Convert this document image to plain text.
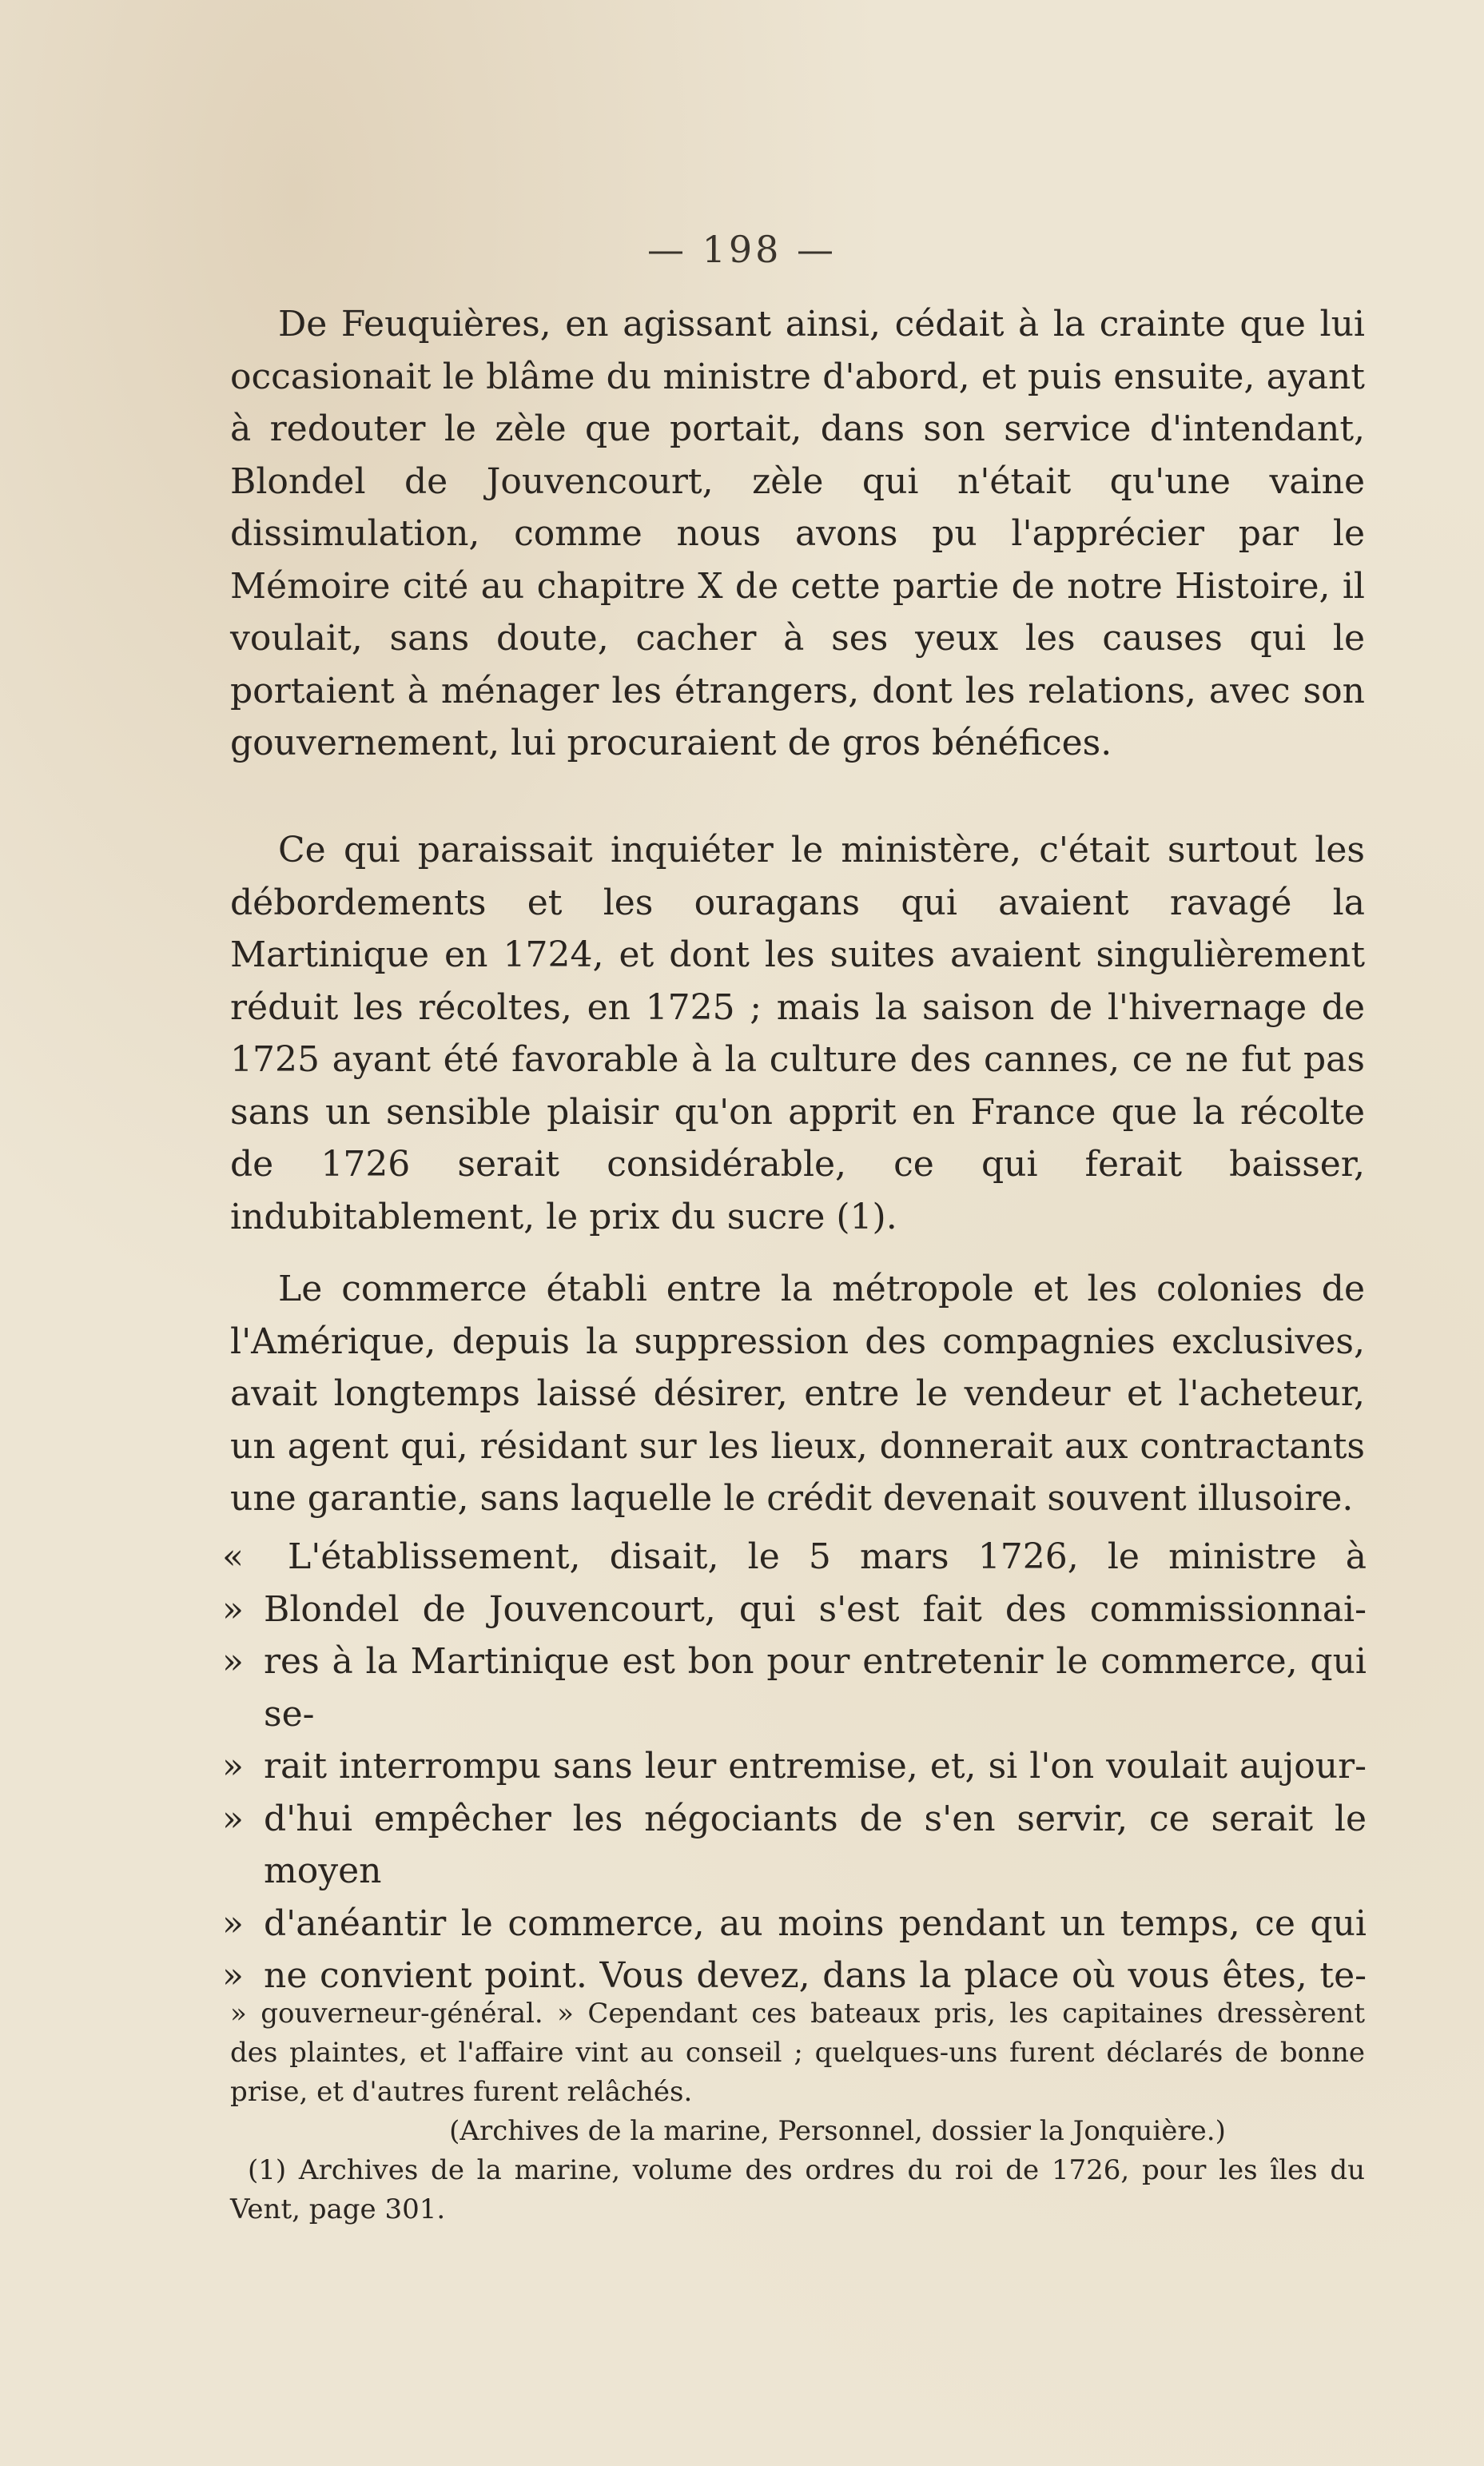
— 198 —

De Feuquières, en agissant ainsi, cédait à la crainte que lui occasionait le blâme du ministre d'abord, et puis ensuite, ayant à redouter le zèle que portait, dans son service d'intendant, Blondel de Jouvencourt, zèle qui n'était qu'une vaine dissimulation, comme nous avons pu l'apprécier par le Mémoire cité au chapitre X de cette partie de notre Histoire, il voulait, sans doute, cacher à ses yeux les causes qui le portaient à ménager les étrangers, dont les relations, avec son gouvernement, lui procuraient de gros bénéfices.

Ce qui paraissait inquiéter le ministère, c'était surtout les débordements et les ouragans qui avaient ravagé la Martinique en 1724, et dont les suites avaient singulièrement réduit les récoltes, en 1725 ; mais la saison de l'hivernage de 1725 ayant été favorable à la culture des cannes, ce ne fut pas sans un sensible plaisir qu'on apprit en France que la récolte de 1726 serait considérable, ce qui ferait baisser, indubitablement, le prix du sucre (1).

Le commerce établi entre la métropole et les colonies de l'Amérique, depuis la suppression des compagnies exclusives, avait longtemps laissé désirer, entre le vendeur et l'acheteur, un agent qui, résidant sur les lieux, donnerait aux contractants une garantie, sans laquelle le crédit devenait souvent illusoire.

«	L'établissement, disait, le 5 mars 1726, le ministre à
» Blondel de Jouvencourt, qui s'est fait des commissionnai-
» res à la Martinique est bon pour entretenir le commerce, qui se-
» rait interrompu sans leur entremise, et, si l'on voulait aujour-
» d'hui empêcher les négociants de s'en servir, ce serait le moyen
» d'anéantir le commerce, au moins pendant un temps, ce qui
» ne convient point. Vous devez, dans la place où vous êtes, te-

» gouverneur-général. » Cependant ces bateaux pris, les capitaines dressèrent des plaintes, et l'affaire vint au conseil ; quelques-uns furent déclarés de bonne prise, et d'autres furent relâchés.

(Archives de la marine, Personnel, dossier la Jonquière.)

(1) Archives de la marine, volume des ordres du roi de 1726, pour les îles du Vent, page 301.
